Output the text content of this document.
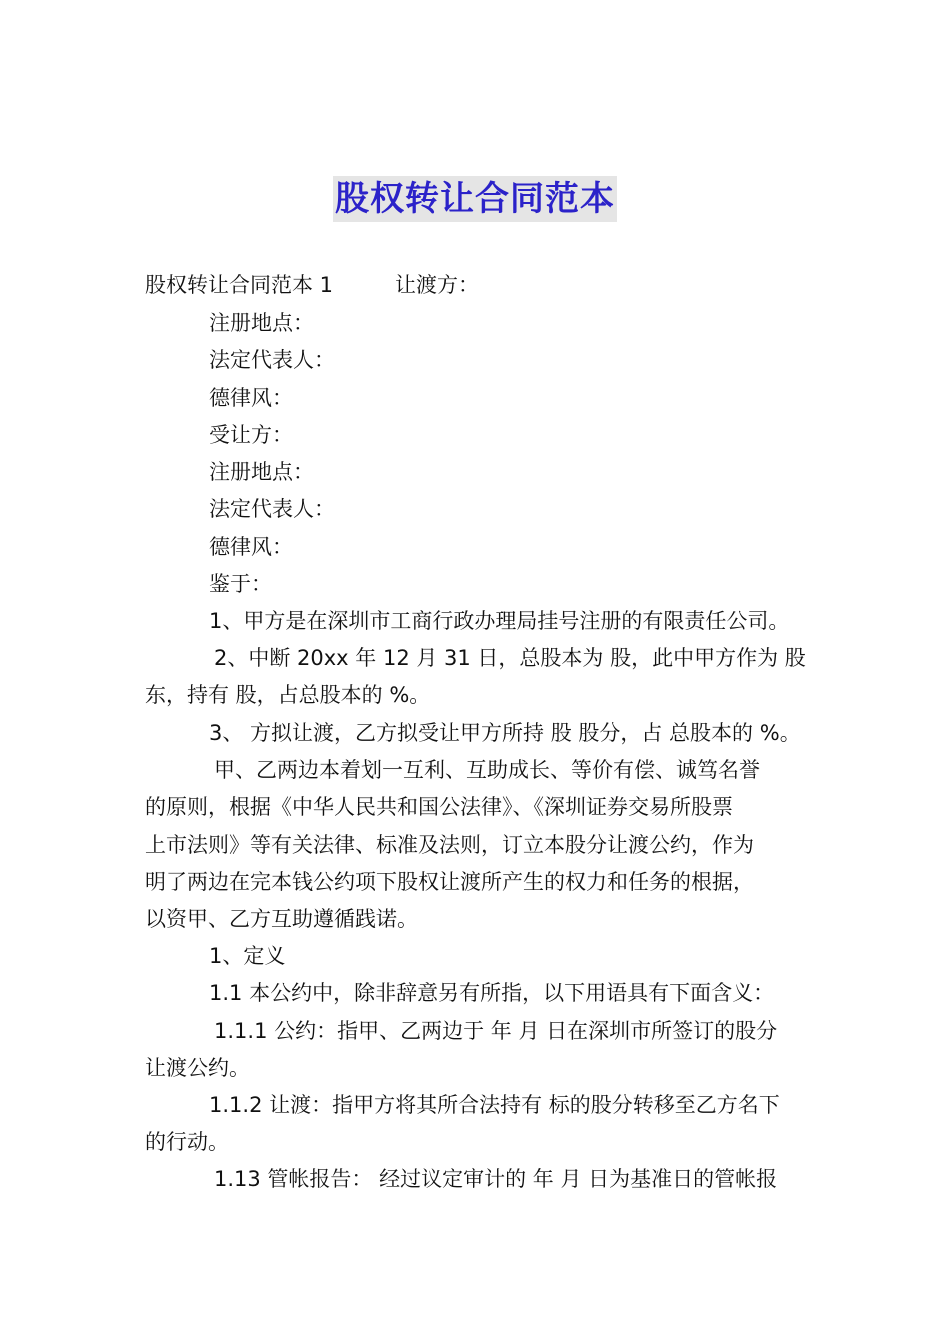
股权转让合同范本
股权转让合同范本 1	让渡方：
注册地点：
法定代表人：
德律风：
受让方：
注册地点：
法定代表人：
德律风：
鉴于：
1、甲方是在深圳市工商行政办理局挂号注册的有限责任公司。
2、中断 20xx 年 12 月 31 日，总股本为 股，此中甲方作为 股
东，持有 股，占总股本的 %。
3、 方拟让渡，乙方拟受让甲方所持 股 股分，占 总股本的 %。
甲、乙两边本着划一互利、互助成长、等价有偿、诚笃名誉
的原则，根据《中华人民共和国公法律》、《深圳证券交易所股票
上市法则》等有关法律、标准及法则，订立本股分让渡公约，作为
明了两边在完本钱公约项下股权让渡所产生的权力和任务的根据，
以资甲、乙方互助遵循践诺。
1、定义
1.1 本公约中，除非辞意另有所指，以下用语具有下面含义：
1.1.1 公约：指甲、乙两边于 年 月 日在深圳市所签订的股分
让渡公约。
1.1.2 让渡：指甲方将其所合法持有 标的股分转移至乙方名下
的行动。
1.13 管帐报告： 经过议定审计的 年 月 日为基准日的管帐报
